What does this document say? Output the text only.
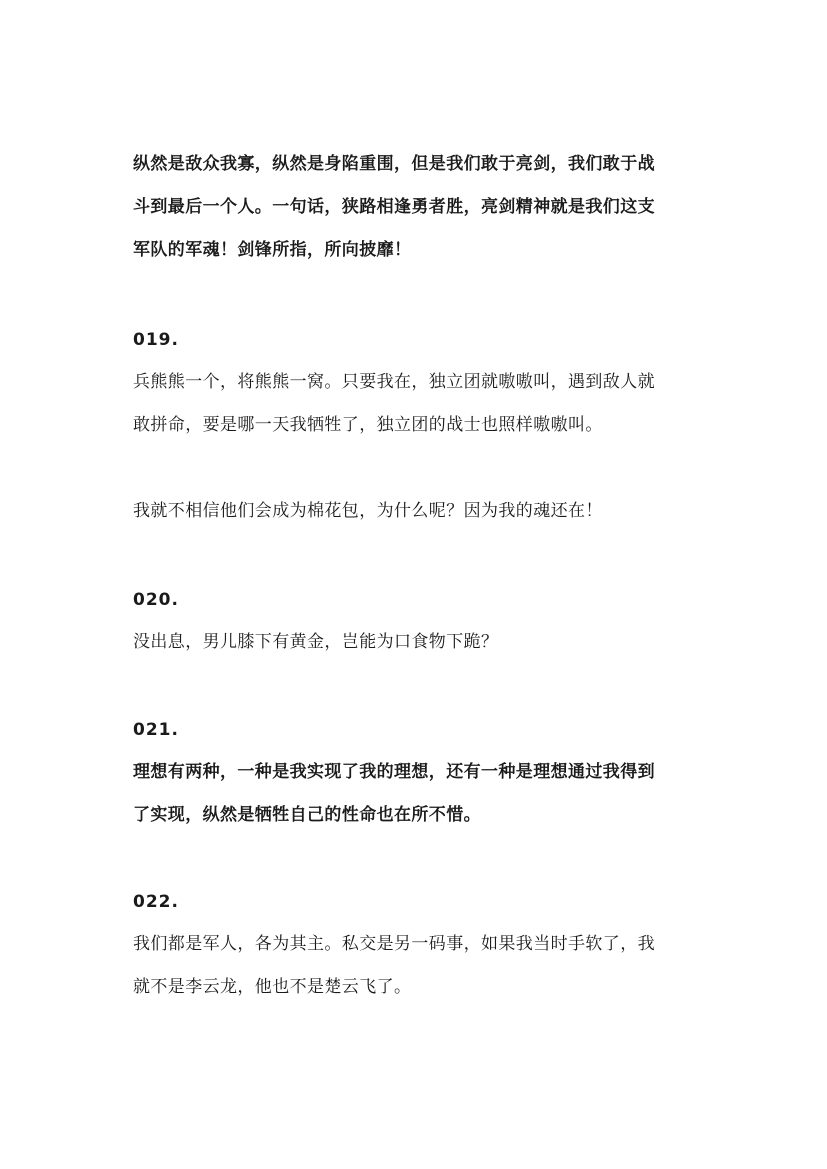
纵然是敌众我寡，纵然是身陷重围，但是我们敢于亮剑，我们敢于战
斗到最后一个人。一句话，狭路相逢勇者胜，亮剑精神就是我们这支
军队的军魂！剑锋所指，所向披靡！

019.

兵熊熊一个，将熊熊一窝。只要我在，独立团就嗷嗷叫，遇到敌人就
敢拼命，要是哪一天我牺牲了，独立团的战士也照样嗷嗷叫。

我就不相信他们会成为棉花包，为什么呢？因为我的魂还在！

020.

没出息，男儿膝下有黄金，岂能为口食物下跪？

021.

理想有两种，一种是我实现了我的理想，还有一种是理想通过我得到
了实现，纵然是牺牲自己的性命也在所不惜。

022.

我们都是军人，各为其主。私交是另一码事，如果我当时手软了，我
就不是李云龙，他也不是楚云飞了。
